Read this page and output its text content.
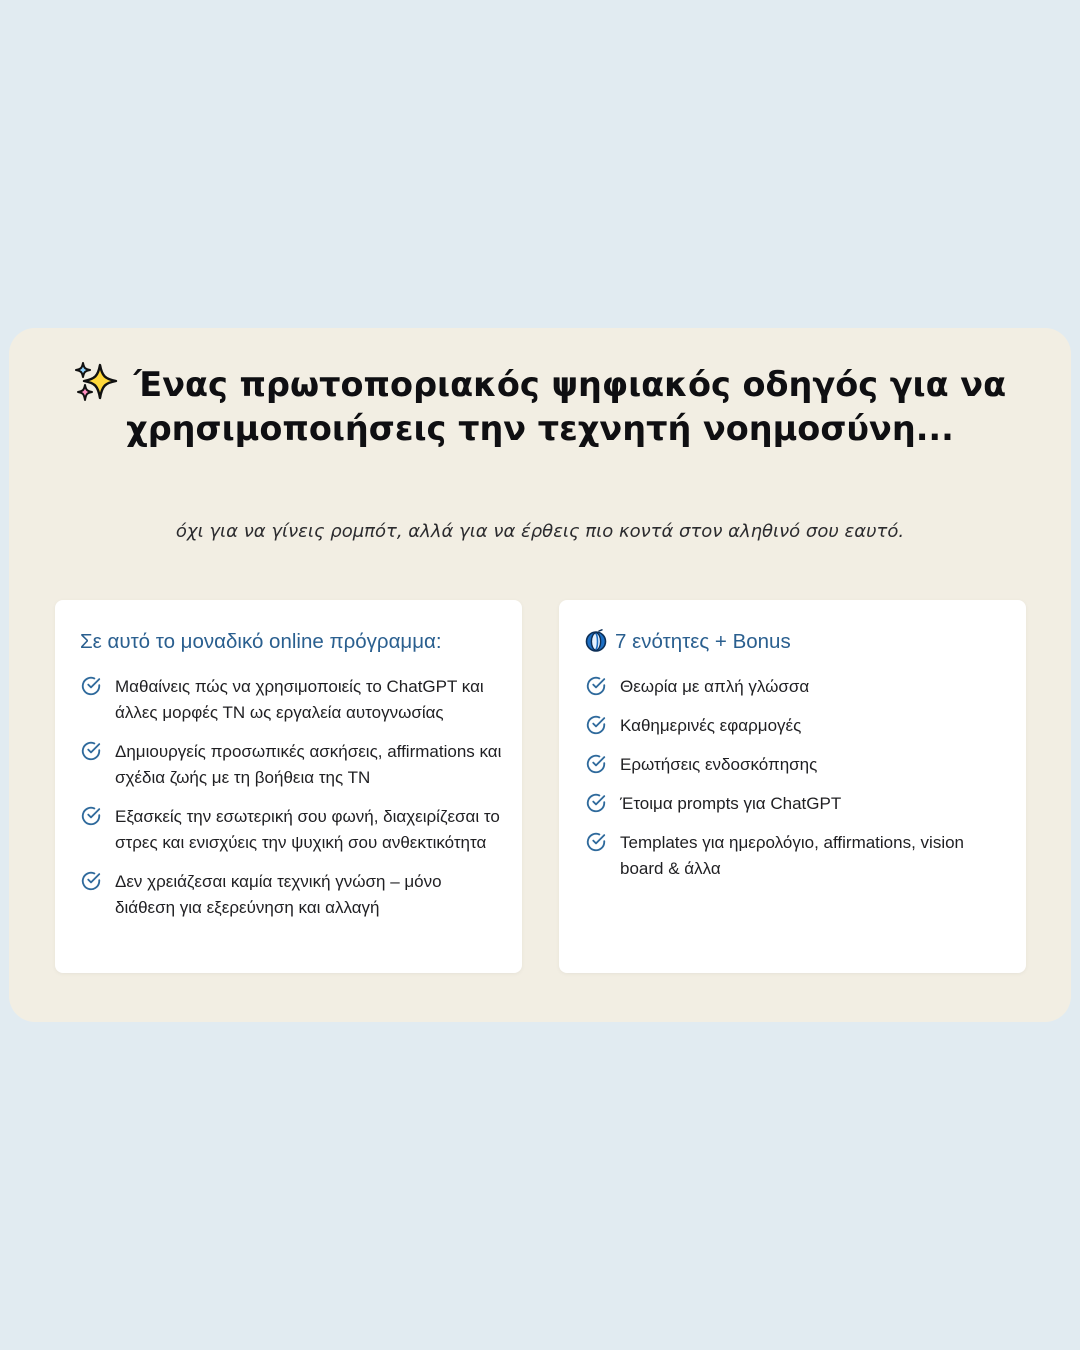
Ένας πρωτοποριακός ψηφιακός οδηγός για να χρησιμοποιήσεις την τεχνητή νοημοσύνη...
όχι για να γίνεις ρομπότ, αλλά για να έρθεις πιο κοντά στον αληθινό σου εαυτό.
Σε αυτό το μοναδικό online πρόγραμμα:
Μαθαίνεις πώς να χρησιμοποιείς το ChatGPT και άλλες μορφές ΤΝ ως εργαλεία αυτογνωσίας
Δημιουργείς προσωπικές ασκήσεις, affirmations και σχέδια ζωής με τη βοήθεια της ΤΝ
Εξασκείς την εσωτερική σου φωνή, διαχειρίζεσαι το στρες και ενισχύεις την ψυχική σου ανθεκτικότητα
Δεν χρειάζεσαι καμία τεχνική γνώση – μόνο διάθεση για εξερεύνηση και αλλαγή
7 ενότητες + Bonus
Θεωρία με απλή γλώσσα
Καθημερινές εφαρμογές
Ερωτήσεις ενδοσκόπησης
Έτοιμα prompts για ChatGPT
Templates για ημερολόγιο, affirmations, vision board & άλλα
